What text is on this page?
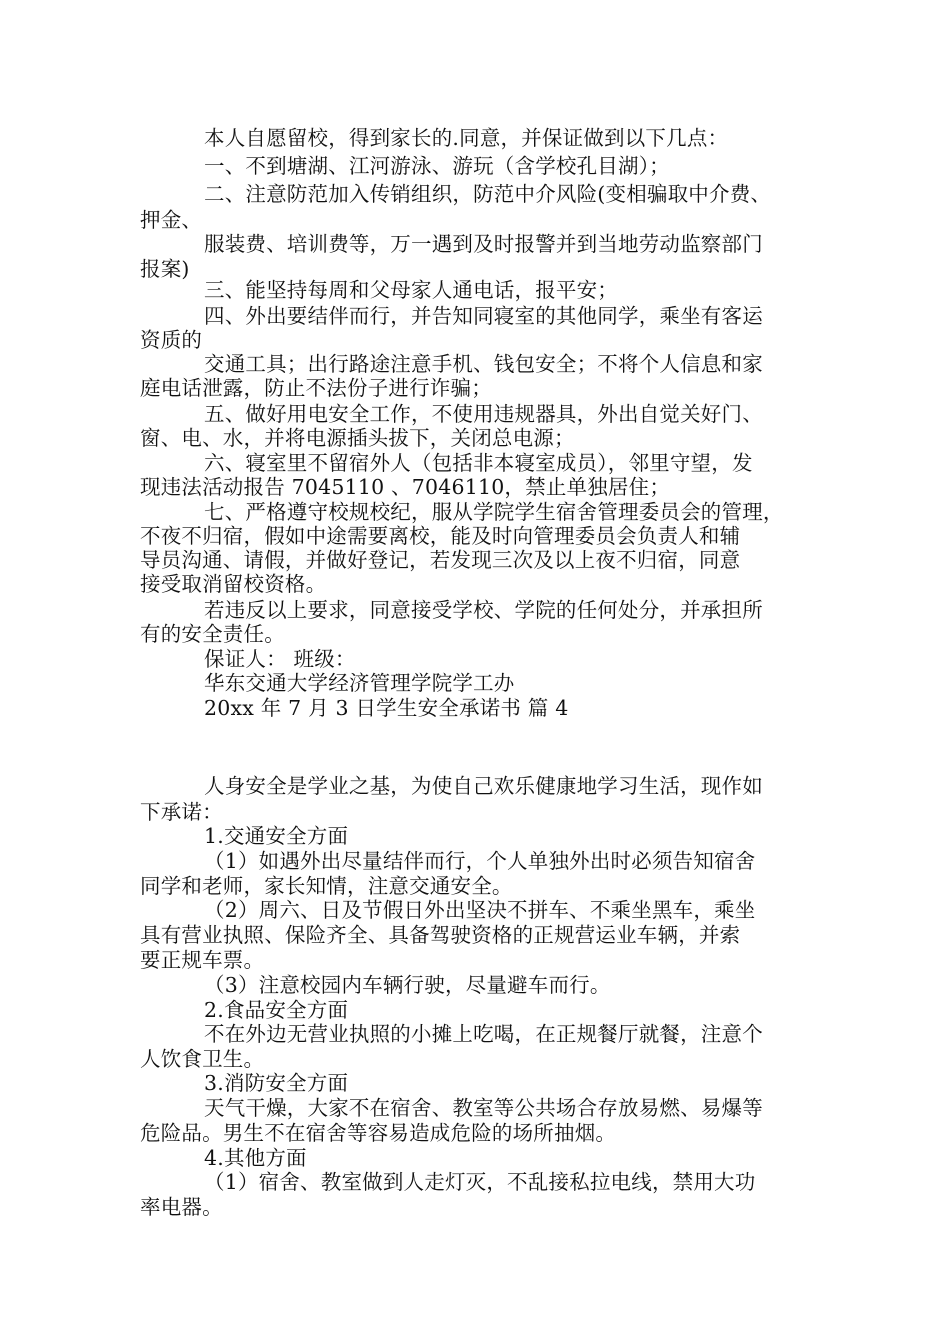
本人自愿留校，得到家长的.同意，并保证做到以下几点：
一、不到塘湖、江河游泳、游玩（含学校孔目湖）；
二、注意防范加入传销组织，防范中介风险(变相骗取中介费、
押金、
服装费、培训费等，万一遇到及时报警并到当地劳动监察部门
报案)
三、能坚持每周和父母家人通电话，报平安；
四、外出要结伴而行，并告知同寝室的其他同学，乘坐有客运
资质的
交通工具；出行路途注意手机、钱包安全；不将个人信息和家
庭电话泄露，防止不法份子进行诈骗；
五、做好用电安全工作，不使用违规器具，外出自觉关好门、
窗、电、水，并将电源插头拔下，关闭总电源；
六、寝室里不留宿外人（包括非本寝室成员），邻里守望，发
现违法活动报告 7045110 、7046110，禁止单独居住；
七、严格遵守校规校纪，服从学院学生宿舍管理委员会的管理，
不夜不归宿，假如中途需要离校，能及时向管理委员会负责人和辅
导员沟通、请假，并做好登记，若发现三次及以上夜不归宿，同意
接受取消留校资格。
若违反以上要求，同意接受学校、学院的任何处分，并承担所
有的安全责任。
保证人： 班级：
华东交通大学经济管理学院学工办
20xx 年 7 月 3 日学生安全承诺书 篇 4
人身安全是学业之基，为使自己欢乐健康地学习生活，现作如
下承诺：
1.交通安全方面
（1）如遇外出尽量结伴而行，个人单独外出时必须告知宿舍
同学和老师，家长知情，注意交通安全。
（2）周六、日及节假日外出坚决不拼车、不乘坐黑车，乘坐
具有营业执照、保险齐全、具备驾驶资格的正规营运业车辆，并索
要正规车票。
（3）注意校园内车辆行驶，尽量避车而行。
2.食品安全方面
不在外边无营业执照的小摊上吃喝，在正规餐厅就餐，注意个
人饮食卫生。
3.消防安全方面
天气干燥，大家不在宿舍、教室等公共场合存放易燃、易爆等
危险品。男生不在宿舍等容易造成危险的场所抽烟。
4.其他方面
（1）宿舍、教室做到人走灯灭，不乱接私拉电线，禁用大功
率电器。
